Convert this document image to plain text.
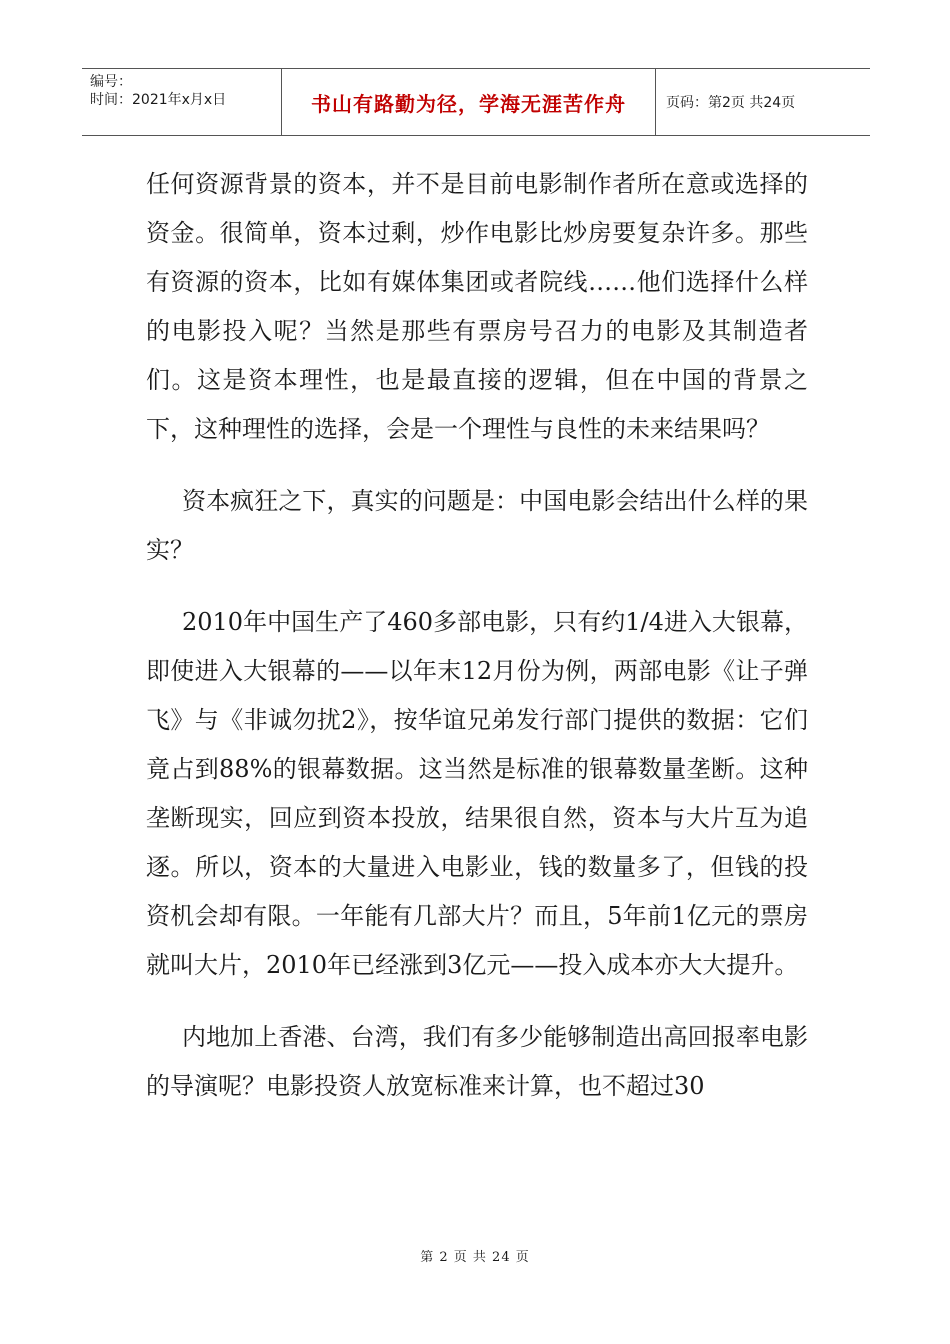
编号：
时间：2021年x月x日	书山有路勤为径，学海无涯苦作舟	页码：第2页 共24页

任何资源背景的资本，并不是目前电影制作者所在意或选择的资金。很简单，资本过剩，炒作电影比炒房要复杂许多。那些有资源的资本，比如有媒体集团或者院线……他们选择什么样的电影投入呢？当然是那些有票房号召力的电影及其制造者们。这是资本理性，也是最直接的逻辑，但在中国的背景之下，这种理性的选择，会是一个理性与良性的未来结果吗？

资本疯狂之下，真实的问题是：中国电影会结出什么样的果实？

2010年中国生产了460多部电影，只有约1/4进入大银幕，即使进入大银幕的——以年末12月份为例，两部电影《让子弹飞》与《非诚勿扰2》，按华谊兄弟发行部门提供的数据：它们竟占到88%的银幕数据。这当然是标准的银幕数量垄断。这种垄断现实，回应到资本投放，结果很自然，资本与大片互为追逐。所以，资本的大量进入电影业，钱的数量多了，但钱的投资机会却有限。一年能有几部大片？而且，5年前1亿元的票房就叫大片，2010年已经涨到3亿元——投入成本亦大大提升。

内地加上香港、台湾，我们有多少能够制造出高回报率电影的导演呢？电影投资人放宽标准来计算，也不超过30

第 2 页 共 24 页
